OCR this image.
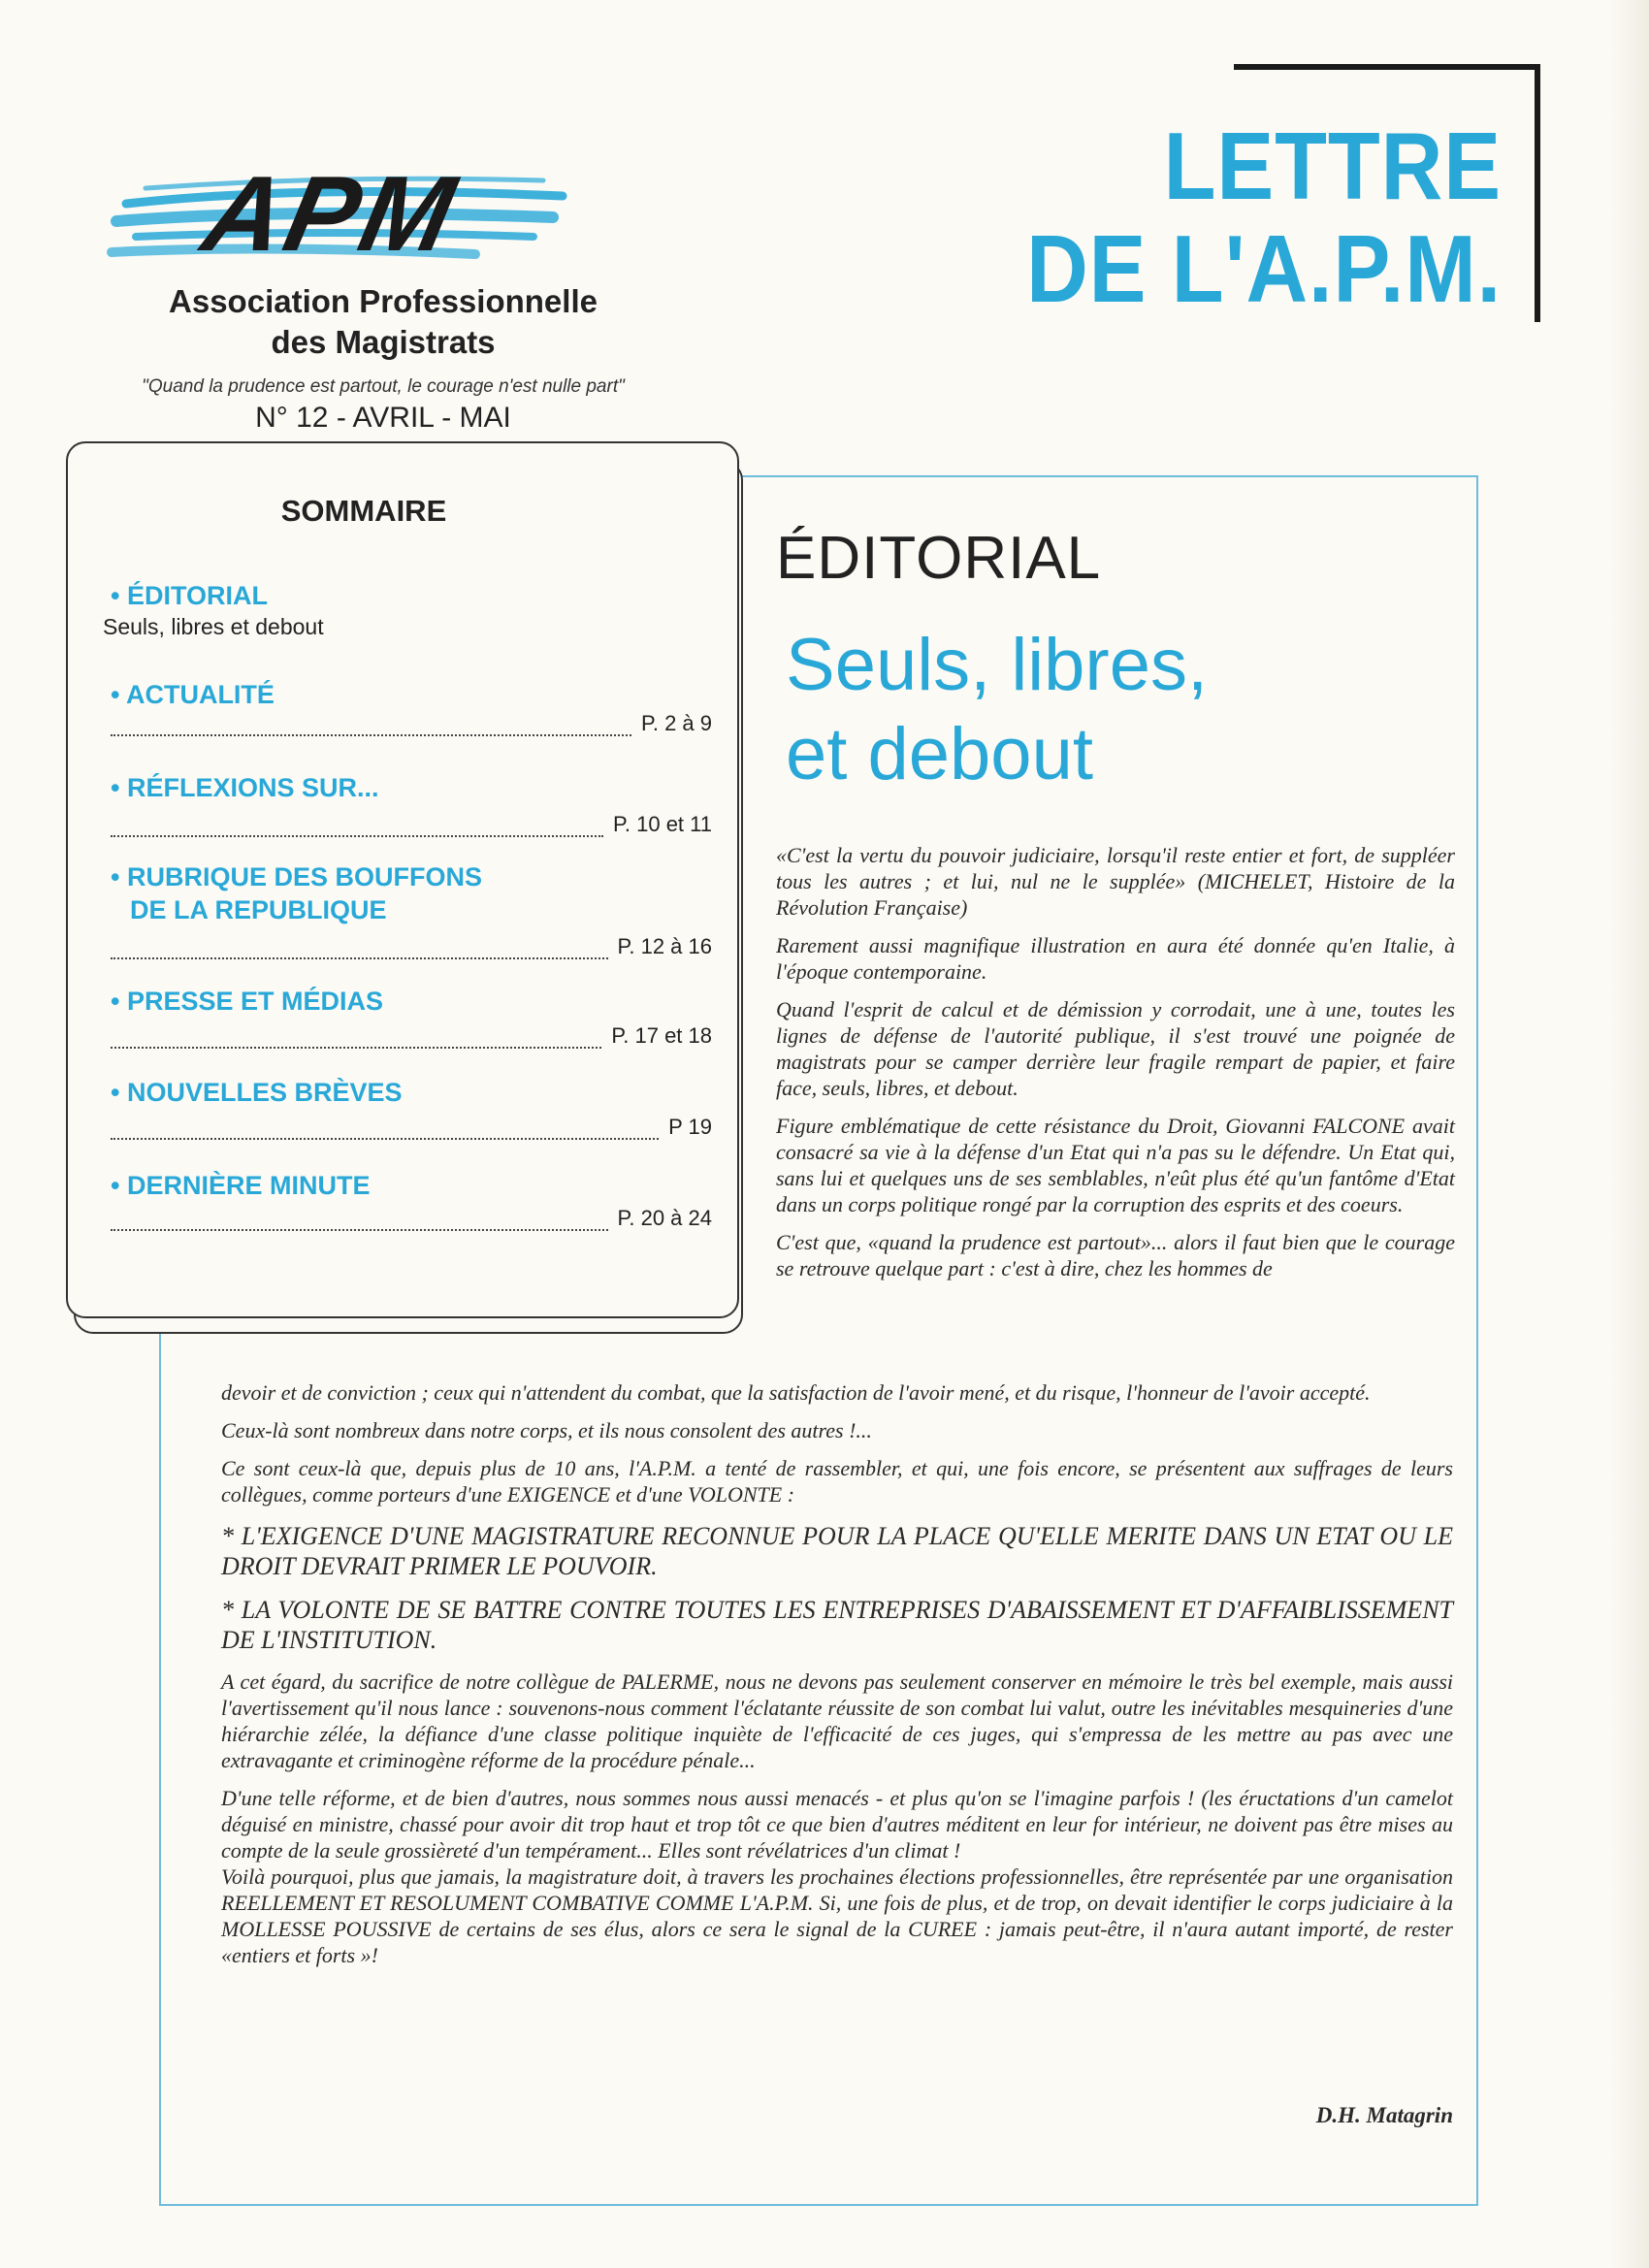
APM
Association Professionnelle
des Magistrats
"Quand la prudence est partout, le courage n'est nulle part"
N° 12 - AVRIL - MAI
LETTRE
DE L'A.P.M.
SOMMAIRE
• ÉDITORIAL
Seuls, libres et debout
• ACTUALITÉ
P. 2 à 9
• RÉFLEXIONS SUR...
P. 10 et 11
• RUBRIQUE DES BOUFFONS
DE LA REPUBLIQUE
P. 12 à 16
• PRESSE ET MÉDIAS
P. 17 et 18
• NOUVELLES BRÈVES
P 19
• DERNIÈRE MINUTE
P. 20 à 24
ÉDITORIAL
Seuls, libres,
et debout

«C'est la vertu du pouvoir judiciaire, lorsqu'il reste entier et fort, de suppléer tous les autres ; et lui, nul ne le supplée» (MICHELET, Histoire de la Révolution Française)

Rarement aussi magnifique illustration en aura été donnée qu'en Italie, à l'époque contemporaine.

Quand l'esprit de calcul et de démission y corrodait, une à une, toutes les lignes de défense de l'autorité publique, il s'est trouvé une poignée de magistrats pour se camper derrière leur fragile rempart de papier, et faire face, seuls, libres, et debout.

Figure emblématique de cette résistance du Droit, Giovanni FALCONE avait consacré sa vie à la défense d'un Etat qui n'a pas su le défendre. Un Etat qui, sans lui et quelques uns de ses semblables, n'eût plus été qu'un fantôme d'Etat dans un corps politique rongé par la corruption des esprits et des coeurs.

C'est que, «quand la prudence est partout»... alors il faut bien que le courage se retrouve quelque part : c'est à dire, chez les hommes de

devoir et de conviction ; ceux qui n'attendent du combat, que la satisfaction de l'avoir mené, et du risque, l'honneur de l'avoir accepté.

Ceux-là sont nombreux dans notre corps, et ils nous consolent des autres !...

Ce sont ceux-là que, depuis plus de 10 ans, l'A.P.M. a tenté de rassembler, et qui, une fois encore, se présentent aux suffrages de leurs collègues, comme porteurs d'une EXIGENCE et d'une VOLONTE :

* L'EXIGENCE D'UNE MAGISTRATURE RECONNUE POUR LA PLACE QU'ELLE MERITE DANS UN ETAT OU LE DROIT DEVRAIT PRIMER LE POUVOIR.

* LA VOLONTE DE SE BATTRE CONTRE TOUTES LES ENTREPRISES D'ABAISSEMENT ET D'AFFAIBLISSEMENT DE L'INSTITUTION.

A cet égard, du sacrifice de notre collègue de PALERME, nous ne devons pas seulement conserver en mémoire le très bel exemple, mais aussi l'avertissement qu'il nous lance : souvenons-nous comment l'éclatante réussite de son combat lui valut, outre les inévitables mesquineries d'une hiérarchie zélée, la défiance d'une classe politique inquiète de l'efficacité de ces juges, qui s'empressa de les mettre au pas avec une extravagante et criminogène réforme de la procédure pénale...

D'une telle réforme, et de bien d'autres, nous sommes nous aussi menacés - et plus qu'on se l'imagine parfois ! (les éructations d'un camelot déguisé en ministre, chassé pour avoir dit trop haut et trop tôt ce que bien d'autres méditent en leur for intérieur, ne doivent pas être mises au compte de la seule grossièreté d'un tempérament... Elles sont révélatrices d'un climat !

Voilà pourquoi, plus que jamais, la magistrature doit, à travers les prochaines élections professionnelles, être représentée par une organisation REELLEMENT ET RESOLUMENT COMBATIVE COMME L'A.P.M. Si, une fois de plus, et de trop, on devait identifier le corps judiciaire à la MOLLESSE POUSSIVE de certains de ses élus, alors ce sera le signal de la CUREE : jamais peut-être, il n'aura autant importé, de rester «entiers et forts »!

D.H. Matagrin
